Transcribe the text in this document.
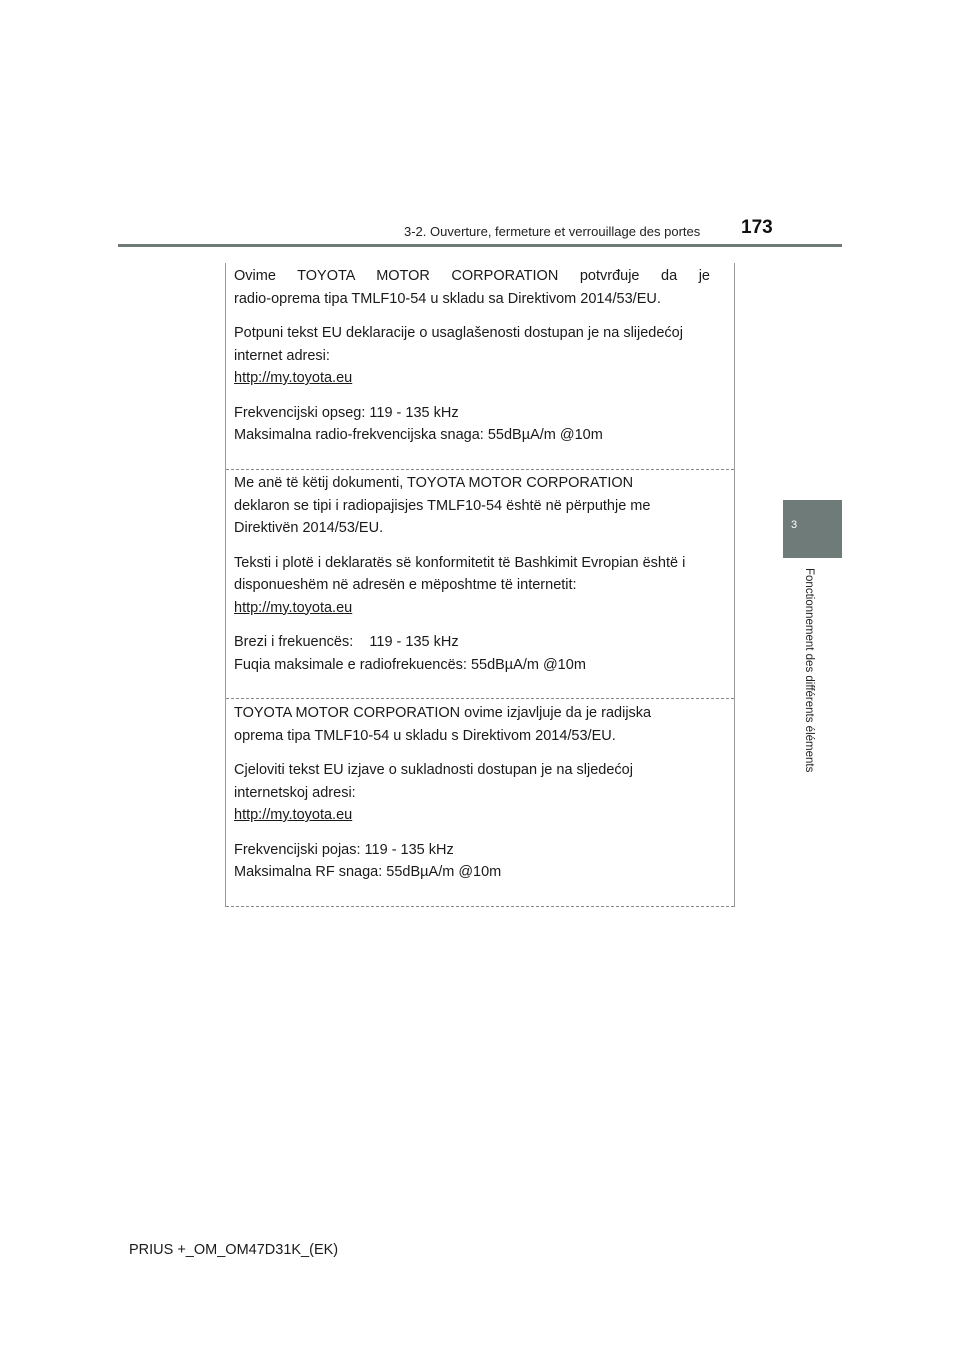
3-2. Ouverture, fermeture et verrouillage des portes 173
3
Fonctionnement des différents éléments

Ovime TOYOTA MOTOR CORPORATION potvrđuje da je
radio-oprema tipa TMLF10-54 u skladu sa Direktivom 2014/53/EU.

Potpuni tekst EU deklaracije o usaglašenosti dostupan je na slijedećoj
internet adresi:
http://my.toyota.eu

Frekvencijski opseg: 119 - 135 kHz
Maksimalna radio-frekvencijska snaga: 55dBµA/m @10m

Me anë të këtij dokumenti, TOYOTA MOTOR CORPORATION
deklaron se tipi i radiopajisjes TMLF10-54 është në përputhje me
Direktivën 2014/53/EU.

Teksti i plotë i deklaratës së konformitetit të Bashkimit Evropian është i
disponueshëm në adresën e mëposhtme të internetit:
http://my.toyota.eu

Brezi i frekuencës:    119 - 135 kHz
Fuqia maksimale e radiofrekuencës: 55dBµA/m @10m

TOYOTA MOTOR CORPORATION ovime izjavljuje da je radijska
oprema tipa TMLF10-54 u skladu s Direktivom 2014/53/EU.

Cjeloviti tekst EU izjave o sukladnosti dostupan je na sljedećoj
internetskoj adresi:
http://my.toyota.eu

Frekvencijski pojas: 119 - 135 kHz
Maksimalna RF snaga: 55dBµA/m @10m

PRIUS +_OM_OM47D31K_(EK)
